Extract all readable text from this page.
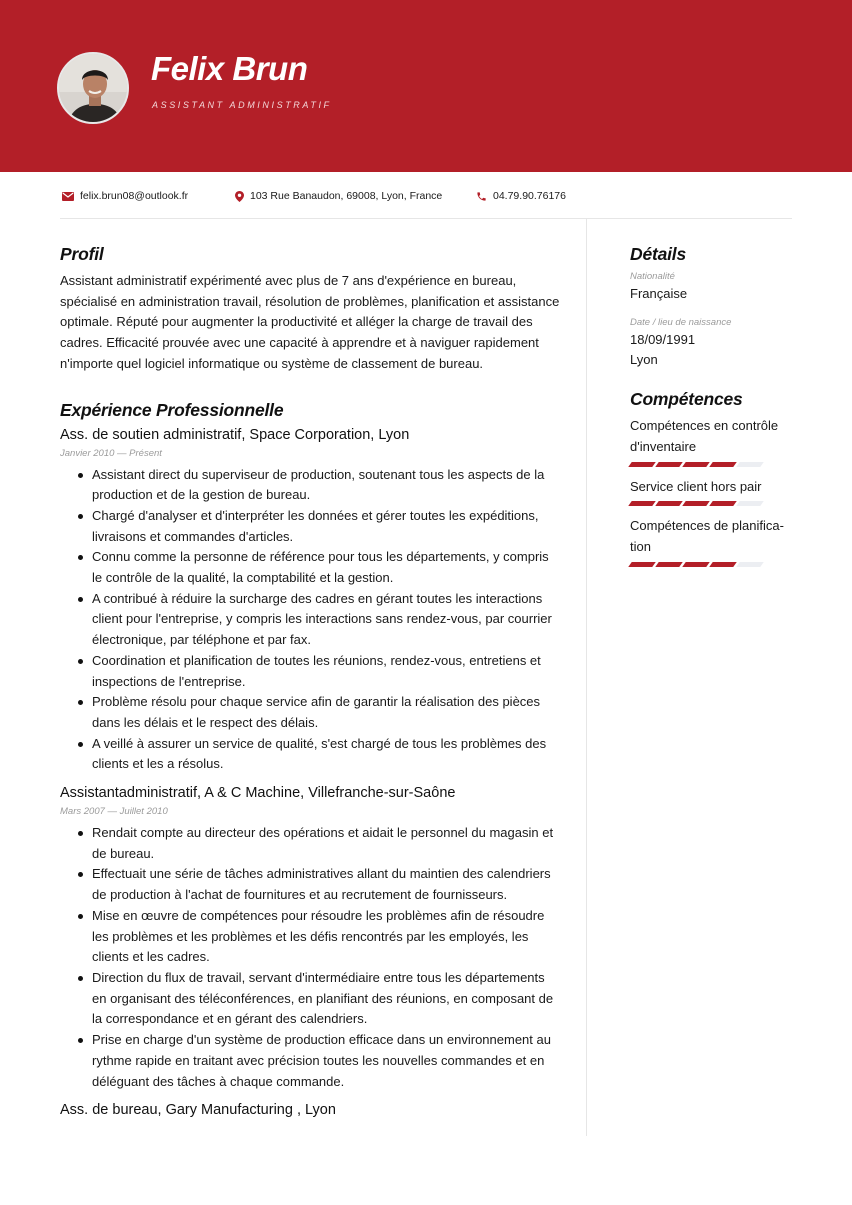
Felix Brun
ASSISTANT ADMINISTRATIF
felix.brun08@outlook.fr	103 Rue Banaudon, 69008, Lyon, France	04.79.90.76176
Profil
Assistant administratif expérimenté avec plus de 7 ans d'expérience en bureau, spécialisé en administration travail, résolution de problèmes, planification et assistance optimale. Réputé pour augmenter la productivité et alléger la charge de travail des cadres. Efficacité prouvée avec une capacité à apprendre et à naviguer rapidement n'importe quel logiciel informatique ou système de classement de bureau.
Expérience Professionnelle
Ass. de soutien administratif, Space Corporation, Lyon
Janvier 2010 — Présent
Assistant direct du superviseur de production, soutenant tous les aspects de la production et de la gestion de bureau.
Chargé d'analyser et d'interpréter les données et gérer toutes les expéditions, livraisons et commandes d'articles.
Connu comme la personne de référence pour tous les départements, y compris le contrôle de la qualité, la comptabilité et la gestion.
A contribué à réduire la surcharge des cadres en gérant toutes les interactions client pour l'entreprise, y compris les interactions sans rendez-vous, par courrier électronique, par téléphone et par fax.
Coordination et planification de toutes les réunions, rendez-vous, entretiens et inspections de l'entreprise.
Problème résolu pour chaque service afin de garantir la réalisation des pièces dans les délais et le respect des délais.
A veillé à assurer un service de qualité, s'est chargé de tous les problèmes des clients et les a résolus.
Assistantadministratif, A & C Machine, Villefranche-sur-Saône
Mars 2007 — Juillet 2010
Rendait compte au directeur des opérations et aidait le personnel du magasin et de bureau.
Effectuait une série de tâches administratives allant du maintien des calendriers de production à l'achat de fournitures et au recrutement de fournisseurs.
Mise en œuvre de compétences pour résoudre les problèmes afin de résoudre les problèmes et les problèmes et les défis rencontrés par les employés, les clients et les cadres.
Direction du flux de travail, servant d'intermédiaire entre tous les départements en organisant des téléconférences, en planifiant des réunions, en composant de la correspondance et en gérant des calendriers.
Prise en charge d'un système de production efficace dans un environnement au rythme rapide en traitant avec précision toutes les nouvelles commandes et en déléguant des tâches à chaque commande.
Ass. de bureau, Gary Manufacturing , Lyon
Détails
Nationalité
Française
Date / lieu de naissance
18/09/1991
Lyon
Compétences
Compétences en contrôle d'inventaire
Service client hors pair
Compétences de planifica-tion
